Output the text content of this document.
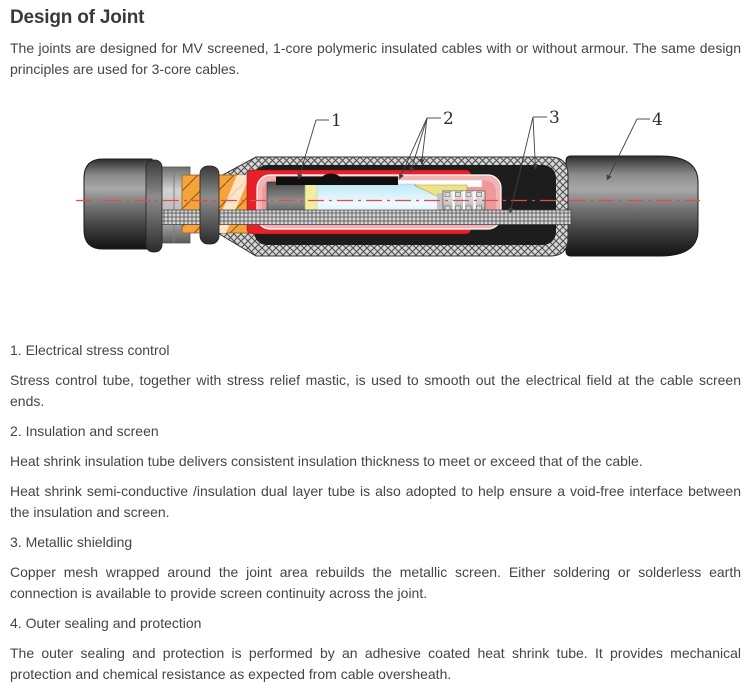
Design of Joint

The joints are designed for MV screened, 1-core polymeric insulated cables with or without armour. The same design principles are used for 3-core cables.

1	2	3	4

1. Electrical stress control

Stress control tube, together with stress relief mastic, is used to smooth out the electrical field at the cable screen ends.

2. Insulation and screen

Heat shrink insulation tube delivers consistent insulation thickness to meet or exceed that of the cable.

Heat shrink semi-conductive /insulation dual layer tube is also adopted to help ensure a void-free interface between the insulation and screen.

3. Metallic shielding

Copper mesh wrapped around the joint area rebuilds the metallic screen. Either soldering or solderless earth connection is available to provide screen continuity across the joint.

4. Outer sealing and protection

The outer sealing and protection is performed by an adhesive coated heat shrink tube. It provides mechanical protection and chemical resistance as expected from cable oversheath.
